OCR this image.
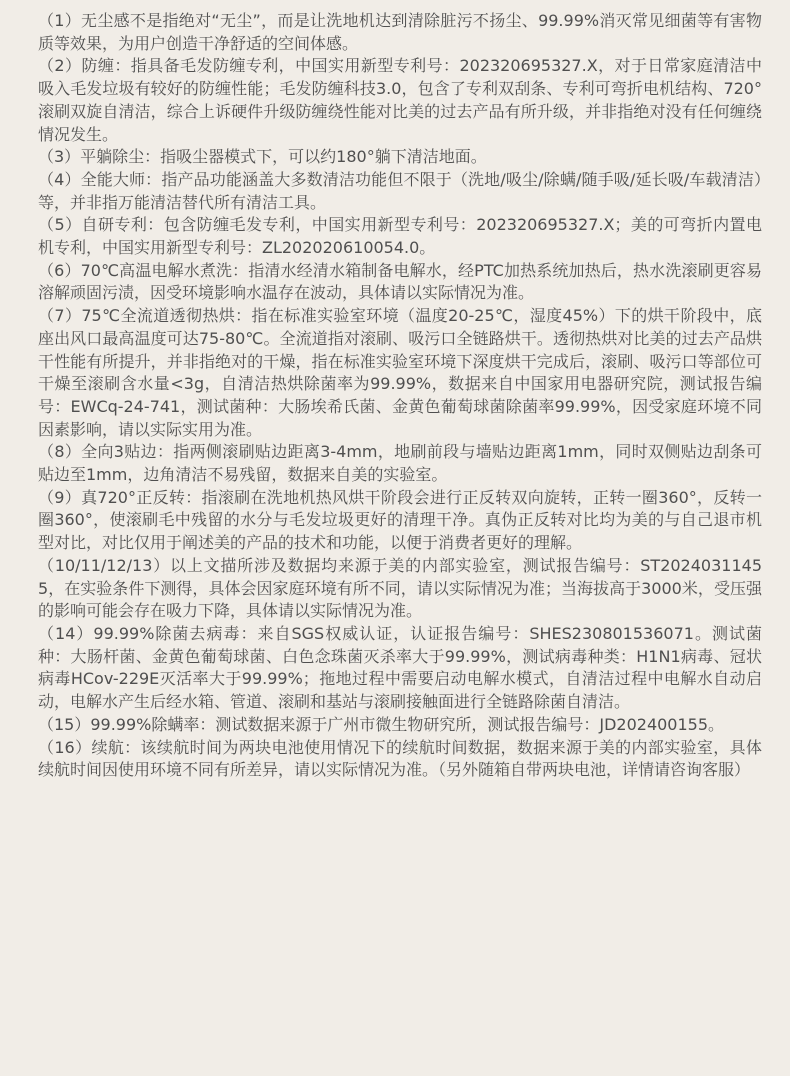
（1）无尘感不是指绝对“无尘”，而是让洗地机达到清除脏污不扬尘、99.99%消灭常见细菌等有害物质等效果，为用户创造干净舒适的空间体感。

（2）防缠：指具备毛发防缠专利，中国实用新型专利号：202320695327.X，对于日常家庭清洁中吸入毛发垃圾有较好的防缠性能；毛发防缠科技3.0，包含了专利双刮条、专利可弯折电机结构、720°滚刷双旋自清洁，综合上诉硬件升级防缠绕性能对比美的过去产品有所升级，并非指绝对没有任何缠绕情况发生。

（3）平躺除尘：指吸尘器模式下，可以约180°躺下清洁地面。

（4）全能大师：指产品功能涵盖大多数清洁功能但不限于（洗地/吸尘/除螨/随手吸/延长吸/车载清洁）等，并非指万能清洁替代所有清洁工具。

（5）自研专利：包含防缠毛发专利，中国实用新型专利号：202320695327.X；美的可弯折内置电机专利，中国实用新型专利号：ZL202020610054.0。

（6）70℃高温电解水煮洗：指清水经清水箱制备电解水，经PTC加热系统加热后，热水洗滚刷更容易溶解顽固污渍，因受环境影响水温存在波动，具体请以实际情况为准。

（7）75℃全流道透彻热烘：指在标准实验室环境（温度20-25℃，湿度45%）下的烘干阶段中，底座出风口最高温度可达75-80℃。全流道指对滚刷、吸污口全链路烘干。透彻热烘对比美的过去产品烘干性能有所提升，并非指绝对的干燥，指在标准实验室环境下深度烘干完成后，滚刷、吸污口等部位可干燥至滚刷含水量<3g，自清洁热烘除菌率为99.99%，数据来自中国家用电器研究院，测试报告编号：EWCq-24-741，测试菌种：大肠埃希氏菌、金黄色葡萄球菌除菌率99.99%，因受家庭环境不同因素影响，请以实际实用为准。

（8）全向3贴边：指两侧滚刷贴边距离3-4mm，地刷前段与墙贴边距离1mm，同时双侧贴边刮条可贴边至1mm，边角清洁不易残留，数据来自美的实验室。

（9）真720°正反转：指滚刷在洗地机热风烘干阶段会进行正反转双向旋转，正转一圈360°，反转一圈360°，使滚刷毛中残留的水分与毛发垃圾更好的清理干净。真伪正反转对比均为美的与自己退市机型对比，对比仅用于阐述美的产品的技术和功能，以便于消费者更好的理解。

（10/11/12/13）以上文描所涉及数据均来源于美的内部实验室，测试报告编号：ST20240311455，在实验条件下测得，具体会因家庭环境有所不同，请以实际情况为准；当海拔高于3000米，受压强的影响可能会存在吸力下降，具体请以实际情况为准。

（14）99.99%除菌去病毒：来自SGS权威认证，认证报告编号：SHES230801536071。测试菌种：大肠杆菌、金黄色葡萄球菌、白色念珠菌灭杀率大于99.99%，测试病毒种类：H1N1病毒、冠状病毒HCov-229E灭活率大于99.99%；拖地过程中需要启动电解水模式，自清洁过程中电解水自动启动，电解水产生后经水箱、管道、滚刷和基站与滚刷接触面进行全链路除菌自清洁。

（15）99.99%除螨率：测试数据来源于广州市微生物研究所，测试报告编号：JD202400155。

（16）续航：该续航时间为两块电池使用情况下的续航时间数据，数据来源于美的内部实验室，具体续航时间因使用环境不同有所差异，请以实际情况为准。（另外随箱自带两块电池，详情请咨询客服）
